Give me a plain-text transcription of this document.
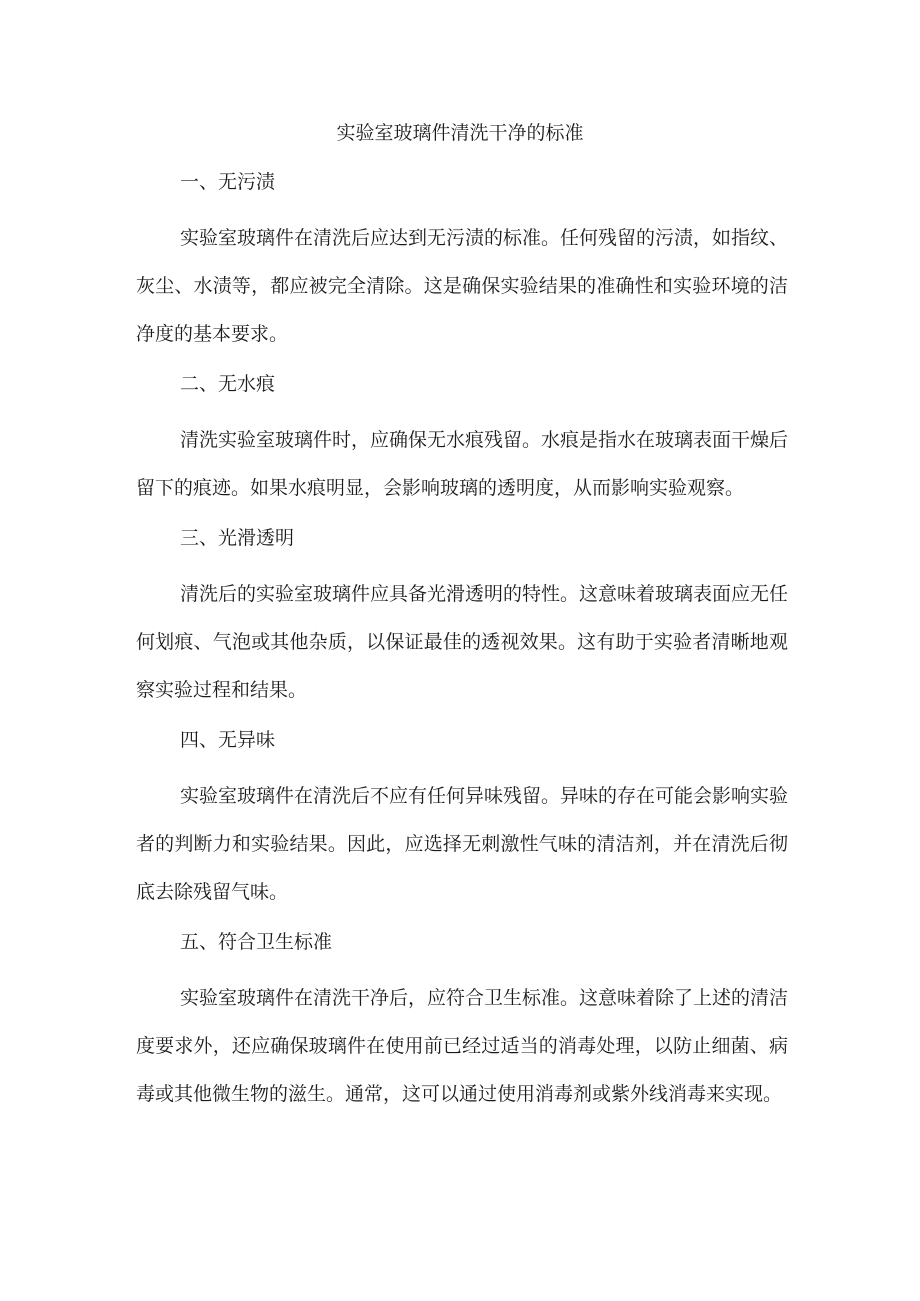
实验室玻璃件清洗干净的标准

一、无污渍

实验室玻璃件在清洗后应达到无污渍的标准。任何残留的污渍，如指纹、灰尘、水渍等，都应被完全清除。这是确保实验结果的准确性和实验环境的洁净度的基本要求。

二、无水痕

清洗实验室玻璃件时，应确保无水痕残留。水痕是指水在玻璃表面干燥后留下的痕迹。如果水痕明显，会影响玻璃的透明度，从而影响实验观察。

三、光滑透明

清洗后的实验室玻璃件应具备光滑透明的特性。这意味着玻璃表面应无任何划痕、气泡或其他杂质，以保证最佳的透视效果。这有助于实验者清晰地观察实验过程和结果。

四、无异味

实验室玻璃件在清洗后不应有任何异味残留。异味的存在可能会影响实验者的判断力和实验结果。因此，应选择无刺激性气味的清洁剂，并在清洗后彻底去除残留气味。

五、符合卫生标准

实验室玻璃件在清洗干净后，应符合卫生标准。这意味着除了上述的清洁度要求外，还应确保玻璃件在使用前已经过适当的消毒处理，以防止细菌、病毒或其他微生物的滋生。通常，这可以通过使用消毒剂或紫外线消毒来实现。
